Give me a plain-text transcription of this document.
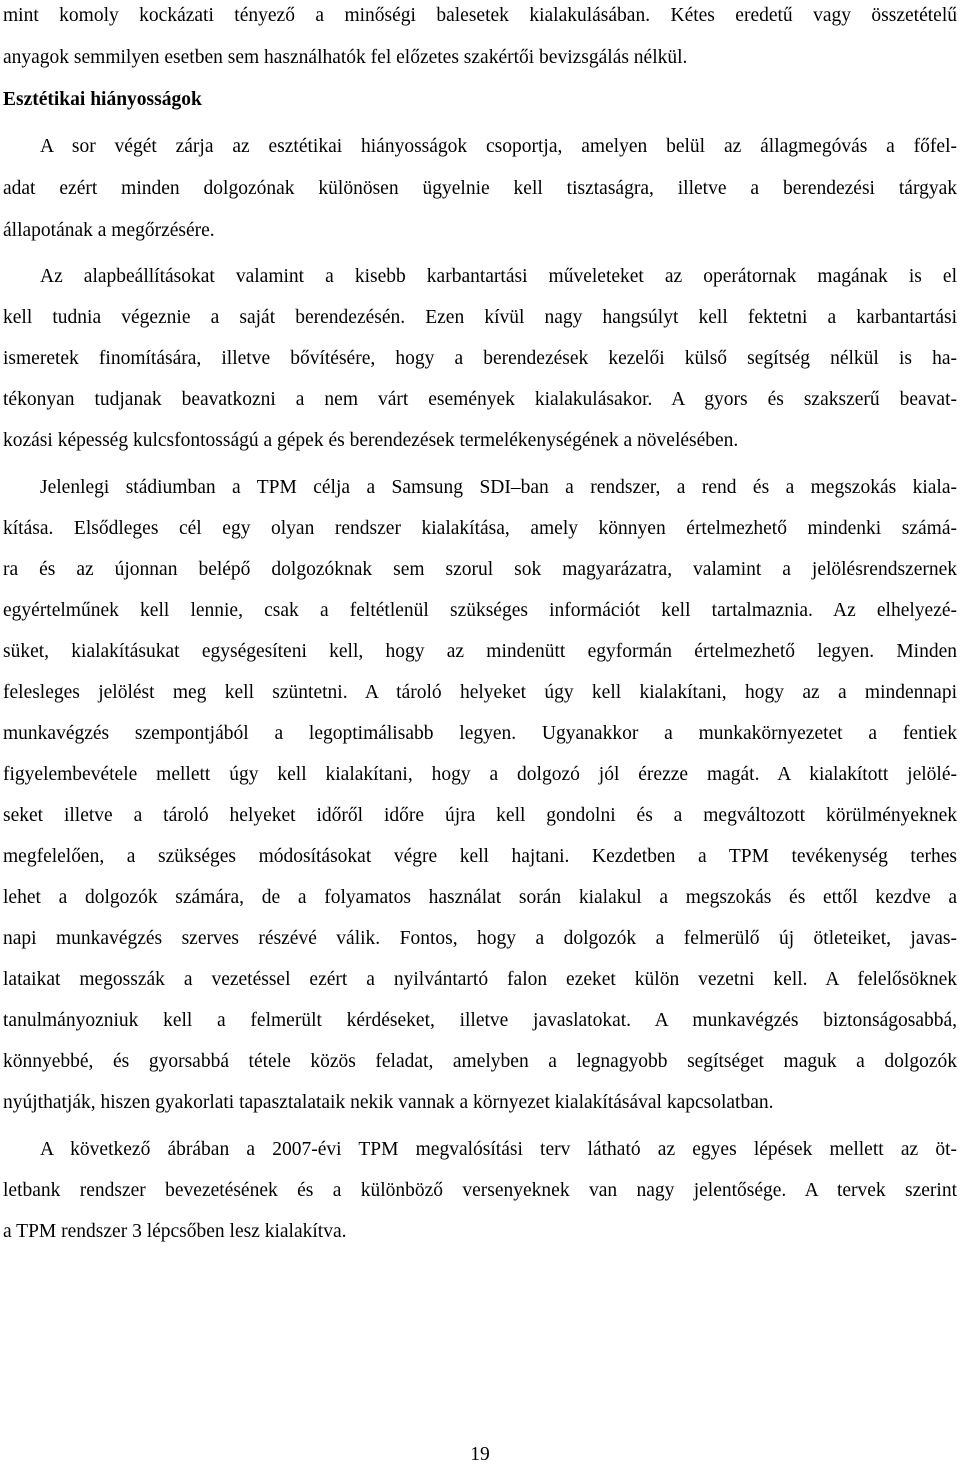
mint komoly kockázati tényező a minőségi balesetek kialakulásában. Kétes eredetű vagy összetételű
anyagok semmilyen esetben sem használhatók fel előzetes szakértői bevizsgálás nélkül.
Esztétikai hiányosságok
A sor végét zárja az esztétikai hiányosságok csoportja, amelyen belül az állagmegóvás a főfel-
adat ezért minden dolgozónak különösen ügyelnie kell tisztaságra, illetve a berendezési tárgyak
állapotának a megőrzésére.
Az alapbeállításokat valamint a kisebb karbantartási műveleteket az operátornak magának is el
kell tudnia végeznie a saját berendezésén. Ezen kívül nagy hangsúlyt kell fektetni a karbantartási
ismeretek finomítására, illetve bővítésére, hogy a berendezések kezelői külső segítség nélkül is ha-
tékonyan tudjanak beavatkozni a nem várt események kialakulásakor. A gyors és szakszerű beavat-
kozási képesség kulcsfontosságú a gépek és berendezések termelékenységének a növelésében.
Jelenlegi stádiumban a TPM célja a Samsung SDI–ban a rendszer, a rend és a megszokás kiala-
kítása. Elsődleges cél egy olyan rendszer kialakítása, amely könnyen értelmezhető mindenki számá-
ra és az újonnan belépő dolgozóknak sem szorul sok magyarázatra, valamint a jelölésrendszernek
egyértelműnek kell lennie, csak a feltétlenül szükséges információt kell tartalmaznia. Az elhelyezé-
süket, kialakításukat egységesíteni kell, hogy az mindenütt egyformán értelmezhető legyen. Minden
felesleges jelölést meg kell szüntetni. A tároló helyeket úgy kell kialakítani, hogy az a mindennapi
munkavégzés szempontjából a legoptimálisabb legyen. Ugyanakkor a munkakörnyezetet a fentiek
figyelembevétele mellett úgy kell kialakítani, hogy a dolgozó jól érezze magát. A kialakított jelölé-
seket illetve a tároló helyeket időről időre újra kell gondolni és a megváltozott körülményeknek
megfelelően, a szükséges módosításokat végre kell hajtani. Kezdetben a TPM tevékenység terhes
lehet a dolgozók számára, de a folyamatos használat során kialakul a megszokás és ettől kezdve a
napi munkavégzés szerves részévé válik. Fontos, hogy a dolgozók a felmerülő új ötleteiket, javas-
lataikat megosszák a vezetéssel ezért a nyilvántartó falon ezeket külön vezetni kell. A felelősöknek
tanulmányozniuk kell a felmerült kérdéseket, illetve javaslatokat. A munkavégzés biztonságosabbá,
könnyebbé, és gyorsabbá tétele közös feladat, amelyben a legnagyobb segítséget maguk a dolgozók
nyújthatják, hiszen gyakorlati tapasztalataik nekik vannak a környezet kialakításával kapcsolatban.
A következő ábrában a 2007-évi TPM megvalósítási terv látható az egyes lépések mellett az öt-
letbank rendszer bevezetésének és a különböző versenyeknek van nagy jelentősége. A tervek szerint
a TPM rendszer 3 lépcsőben lesz kialakítva.
19
